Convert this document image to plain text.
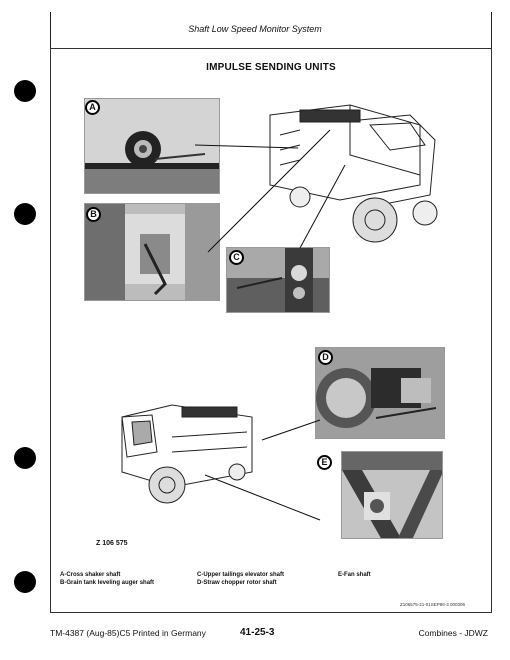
Shaft Low Speed Monitor System
IMPULSE SENDING UNITS
A
B
C
D
E
Z 106 575
A-Cross shaker shaft
B-Grain tank leveling auger shaft
C-Upper tailings elevator shaft
D-Straw chopper rotor shaft
E-Fan shaft
Z106575-21-01SEP86-3 000306
TM-4387 (Aug-85)C5 Printed in Germany	41-25-3	Combines - JDWZ
